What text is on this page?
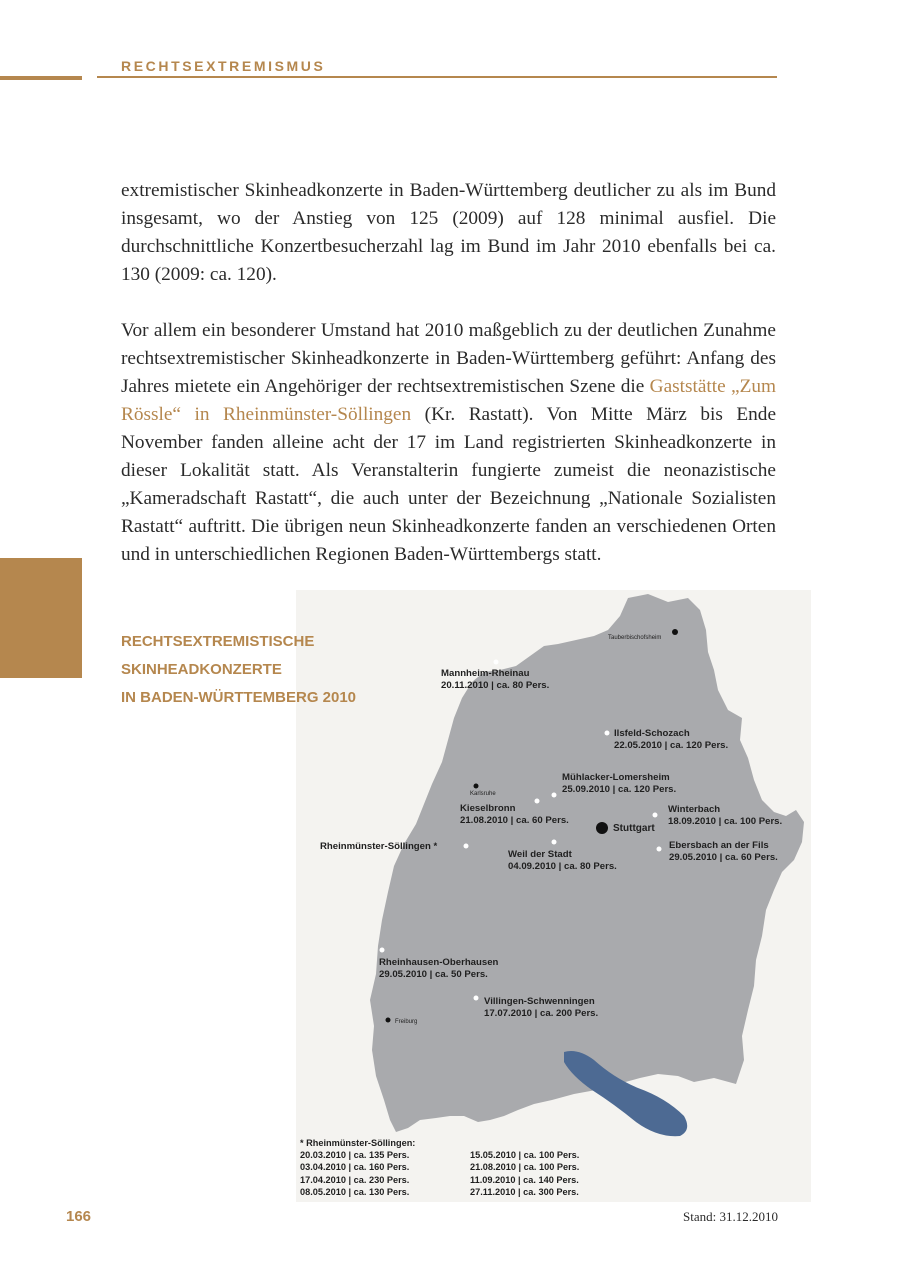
RECHTSEXTREMISMUS

extremistischer Skinheadkonzerte in Baden-Württemberg deutlicher zu als im Bund insgesamt, wo der Anstieg von 125 (2009) auf 128 minimal ausfiel. Die durchschnittliche Konzertbesucherzahl lag im Bund im Jahr 2010 ebenfalls bei ca. 130 (2009: ca. 120).

Vor allem ein besonderer Umstand hat 2010 maßgeblich zu der deutlichen Zunahme rechtsextremistischer Skinheadkonzerte in Baden-Württemberg geführt: Anfang des Jahres mietete ein Angehöriger der rechtsextremistischen Szene die Gaststätte „Zum Rössle“ in Rheinmünster-Söllingen (Kr. Rastatt). Von Mitte März bis Ende November fanden alleine acht der 17 im Land registrierten Skinheadkonzerte in dieser Lokalität statt. Als Veranstalterin fungierte zumeist die neonazistische „Kameradschaft Rastatt“, die auch unter der Bezeichnung „Nationale Sozialisten Rastatt“ auftritt. Die übrigen neun Skinheadkonzerte fanden an verschiedenen Orten und in unterschiedlichen Regionen Baden-Württembergs statt.

Tauberbischofsheim
Karlsruhe
Stuttgart
Freiburg
Mannheim-Rheinau
20.11.2010 | ca. 80 Pers.
Ilsfeld-Schozach
22.05.2010 | ca. 120 Pers.
Mühlacker-Lomersheim
25.09.2010 | ca. 120 Pers.
Kieselbronn
21.08.2010 | ca. 60 Pers.
Winterbach
18.09.2010 | ca. 100 Pers.
Rheinmünster-Söllingen *
Weil der Stadt
04.09.2010 | ca. 80 Pers.
Ebersbach an der Fils
29.05.2010 | ca. 60 Pers.
Rheinhausen-Oberhausen
29.05.2010 | ca. 50 Pers.
Villingen-Schwenningen
17.07.2010 | ca. 200 Pers.
RECHTSEXTREMISTISCHE
SKINHEADKONZERTE
IN BADEN-WÜRTTEMBERG 2010
* Rheinmünster-Söllingen:
20.03.2010 | ca. 135 Pers.
03.04.2010 | ca. 160 Pers.
17.04.2010 | ca. 230 Pers.
08.05.2010 | ca. 130 Pers.
15.05.2010 | ca. 100 Pers.
21.08.2010 | ca. 100 Pers.
11.09.2010 | ca. 140 Pers.
27.11.2010 | ca. 300 Pers.
166	Stand: 31.12.2010
